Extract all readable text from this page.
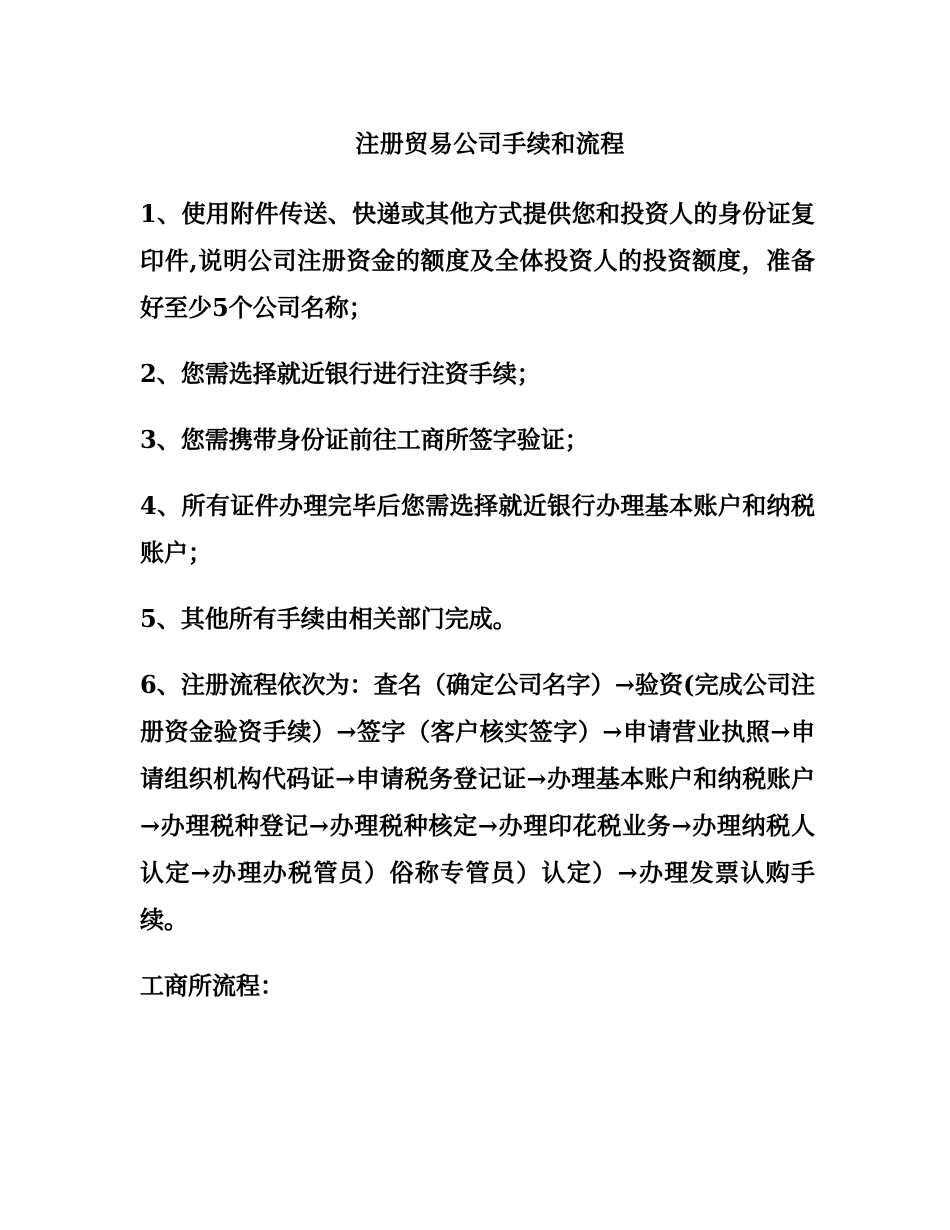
注册贸易公司手续和流程

1、使用附件传送、快递或其他方式提供您和投资人的身份证复印件,说明公司注册资金的额度及全体投资人的投资额度，准备好至少5个公司名称；

2、您需选择就近银行进行注资手续；

3、您需携带身份证前往工商所签字验证；

4、所有证件办理完毕后您需选择就近银行办理基本账户和纳税账户；

5、其他所有手续由相关部门完成。

6、注册流程依次为：查名（确定公司名字）→验资(完成公司注册资金验资手续）→签字（客户核实签字）→申请营业执照→申请组织机构代码证→申请税务登记证→办理基本账户和纳税账户→办理税种登记→办理税种核定→办理印花税业务→办理纳税人认定→办理办税管员）俗称专管员）认定）→办理发票认购手续。

工商所流程：
